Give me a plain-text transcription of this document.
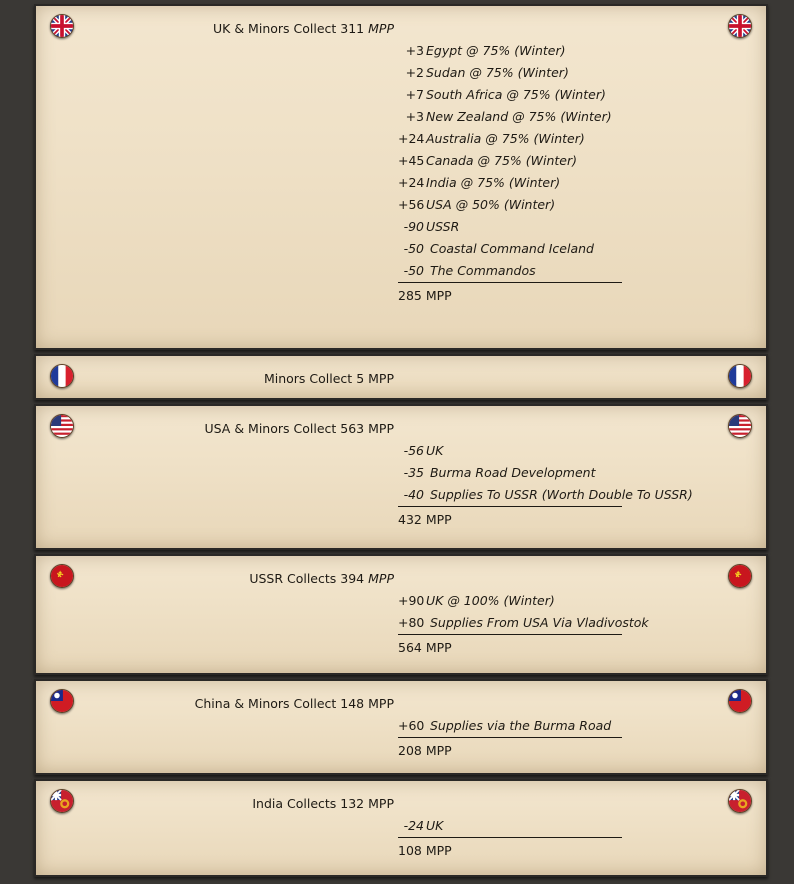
UK & Minors Collect 311 MPP
+3 Egypt @ 75% (Winter)
+2 Sudan @ 75% (Winter)
+7 South Africa @ 75% (Winter)
+3 New Zealand @ 75% (Winter)
+24 Australia @ 75% (Winter)
+45 Canada @ 75% (Winter)
+24 India @ 75% (Winter)
+56 USA @ 50% (Winter)
-90 USSR
-50 Coastal Command Iceland
-50 The Commandos
285 MPP
Minors Collect 5 MPP
USA & Minors Collect 563 MPP
-56 UK
-35 Burma Road Development
-40 Supplies To USSR (Worth Double To USSR)
432 MPP
USSR Collects 394 MPP
+90 UK @ 100% (Winter)
+80 Supplies From USA Via Vladivostok
564 MPP
China & Minors Collect 148 MPP
+60 Supplies via the Burma Road
208 MPP
India Collects 132 MPP
-24 UK
108 MPP
